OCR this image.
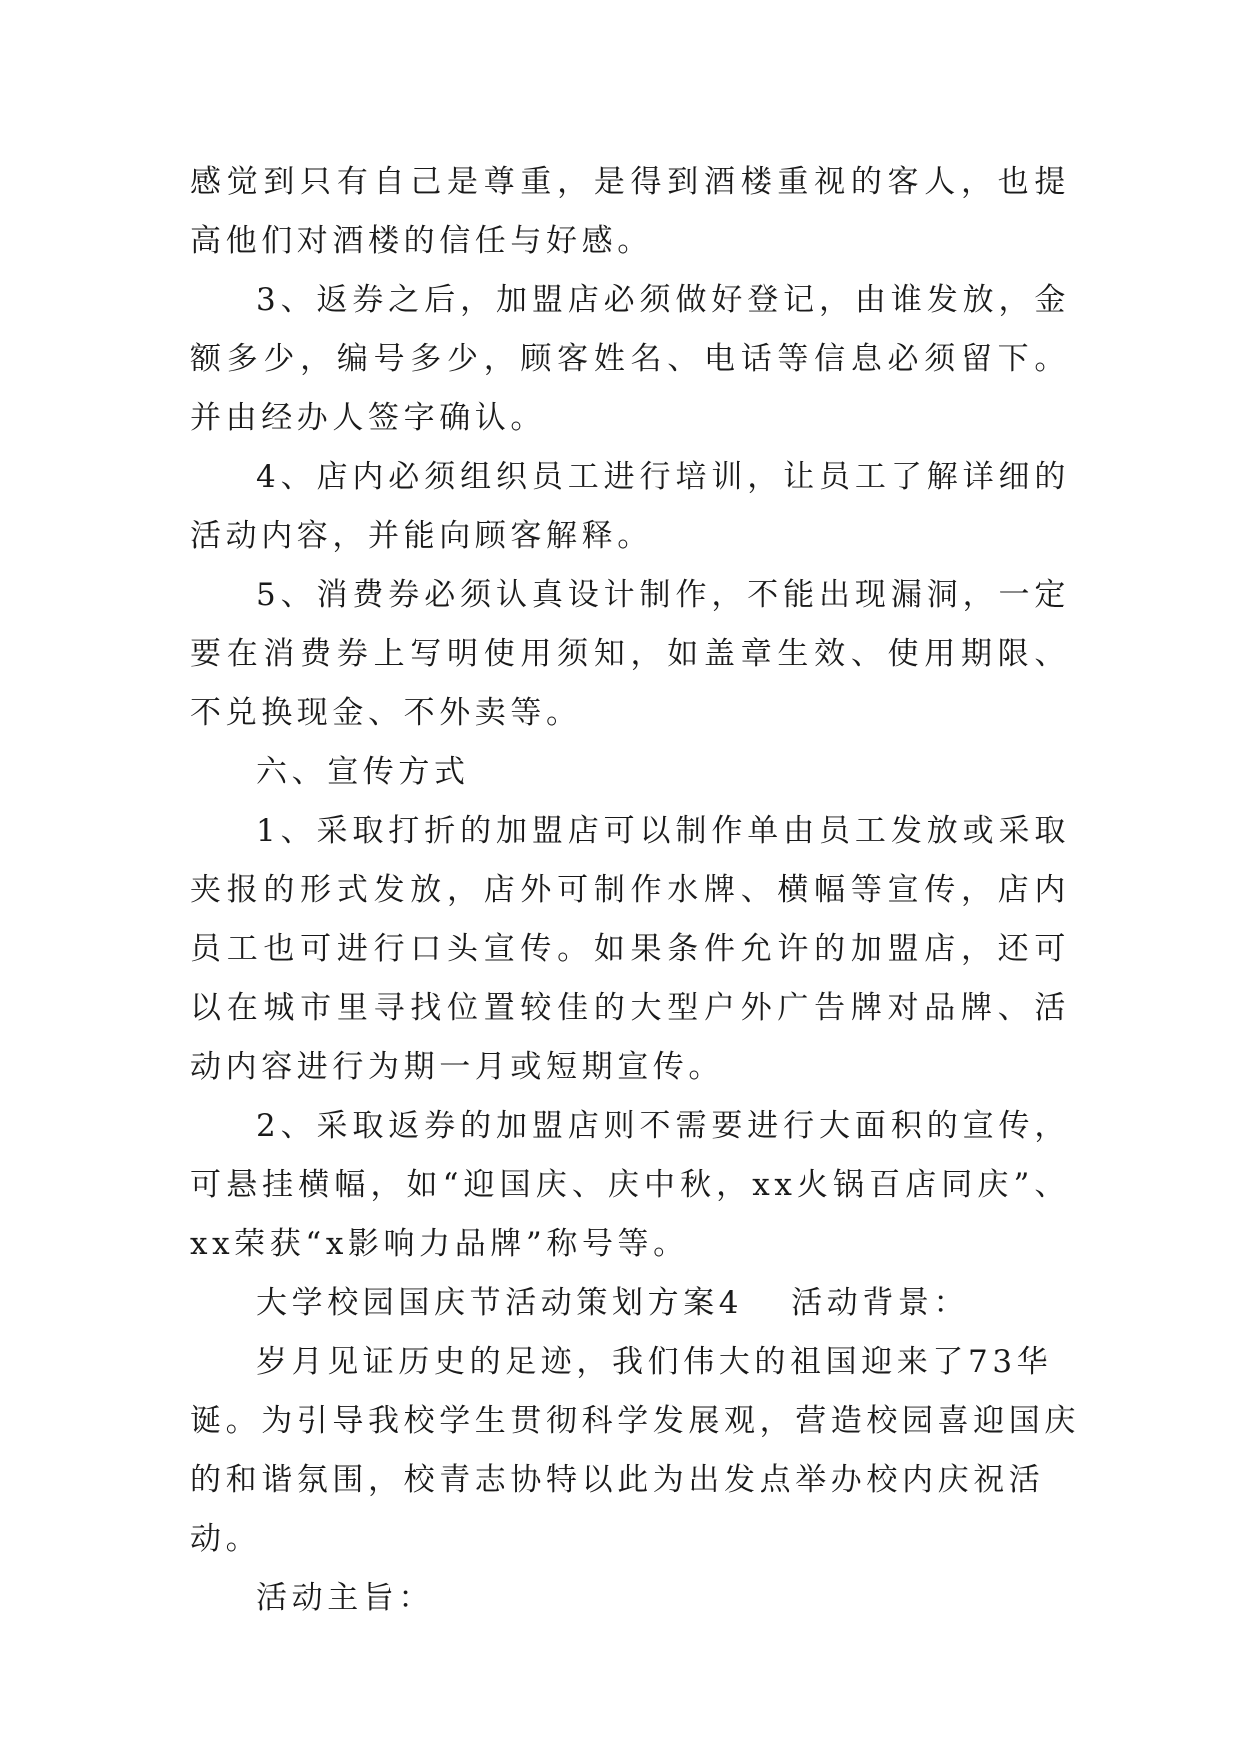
感觉到只有自己是尊重，是得到酒楼重视的客人，也提高他们对酒楼的信任与好感。

3、返券之后，加盟店必须做好登记，由谁发放，金额多少，编号多少，顾客姓名、电话等信息必须留下。并由经办人签字确认。

4、店内必须组织员工进行培训，让员工了解详细的活动内容，并能向顾客解释。

5、消费券必须认真设计制作，不能出现漏洞，一定要在消费券上写明使用须知，如盖章生效、使用期限、不兑换现金、不外卖等。

六、宣传方式

1、采取打折的加盟店可以制作单由员工发放或采取夹报的形式发放，店外可制作水牌、横幅等宣传，店内员工也可进行口头宣传。如果条件允许的加盟店，还可以在城市里寻找位置较佳的大型户外广告牌对品牌、活动内容进行为期一月或短期宣传。

2、采取返券的加盟店则不需要进行大面积的宣传，可悬挂横幅，如“迎国庆、庆中秋，xx火锅百店同庆”、xx荣获“x影响力品牌”称号等。

大学校园国庆节活动策划方案4 活动背景：

岁月见证历史的足迹，我们伟大的祖国迎来了73华诞。为引导我校学生贯彻科学发展观，营造校园喜迎国庆的和谐氛围，校青志协特以此为出发点举办校内庆祝活动。

活动主旨：
